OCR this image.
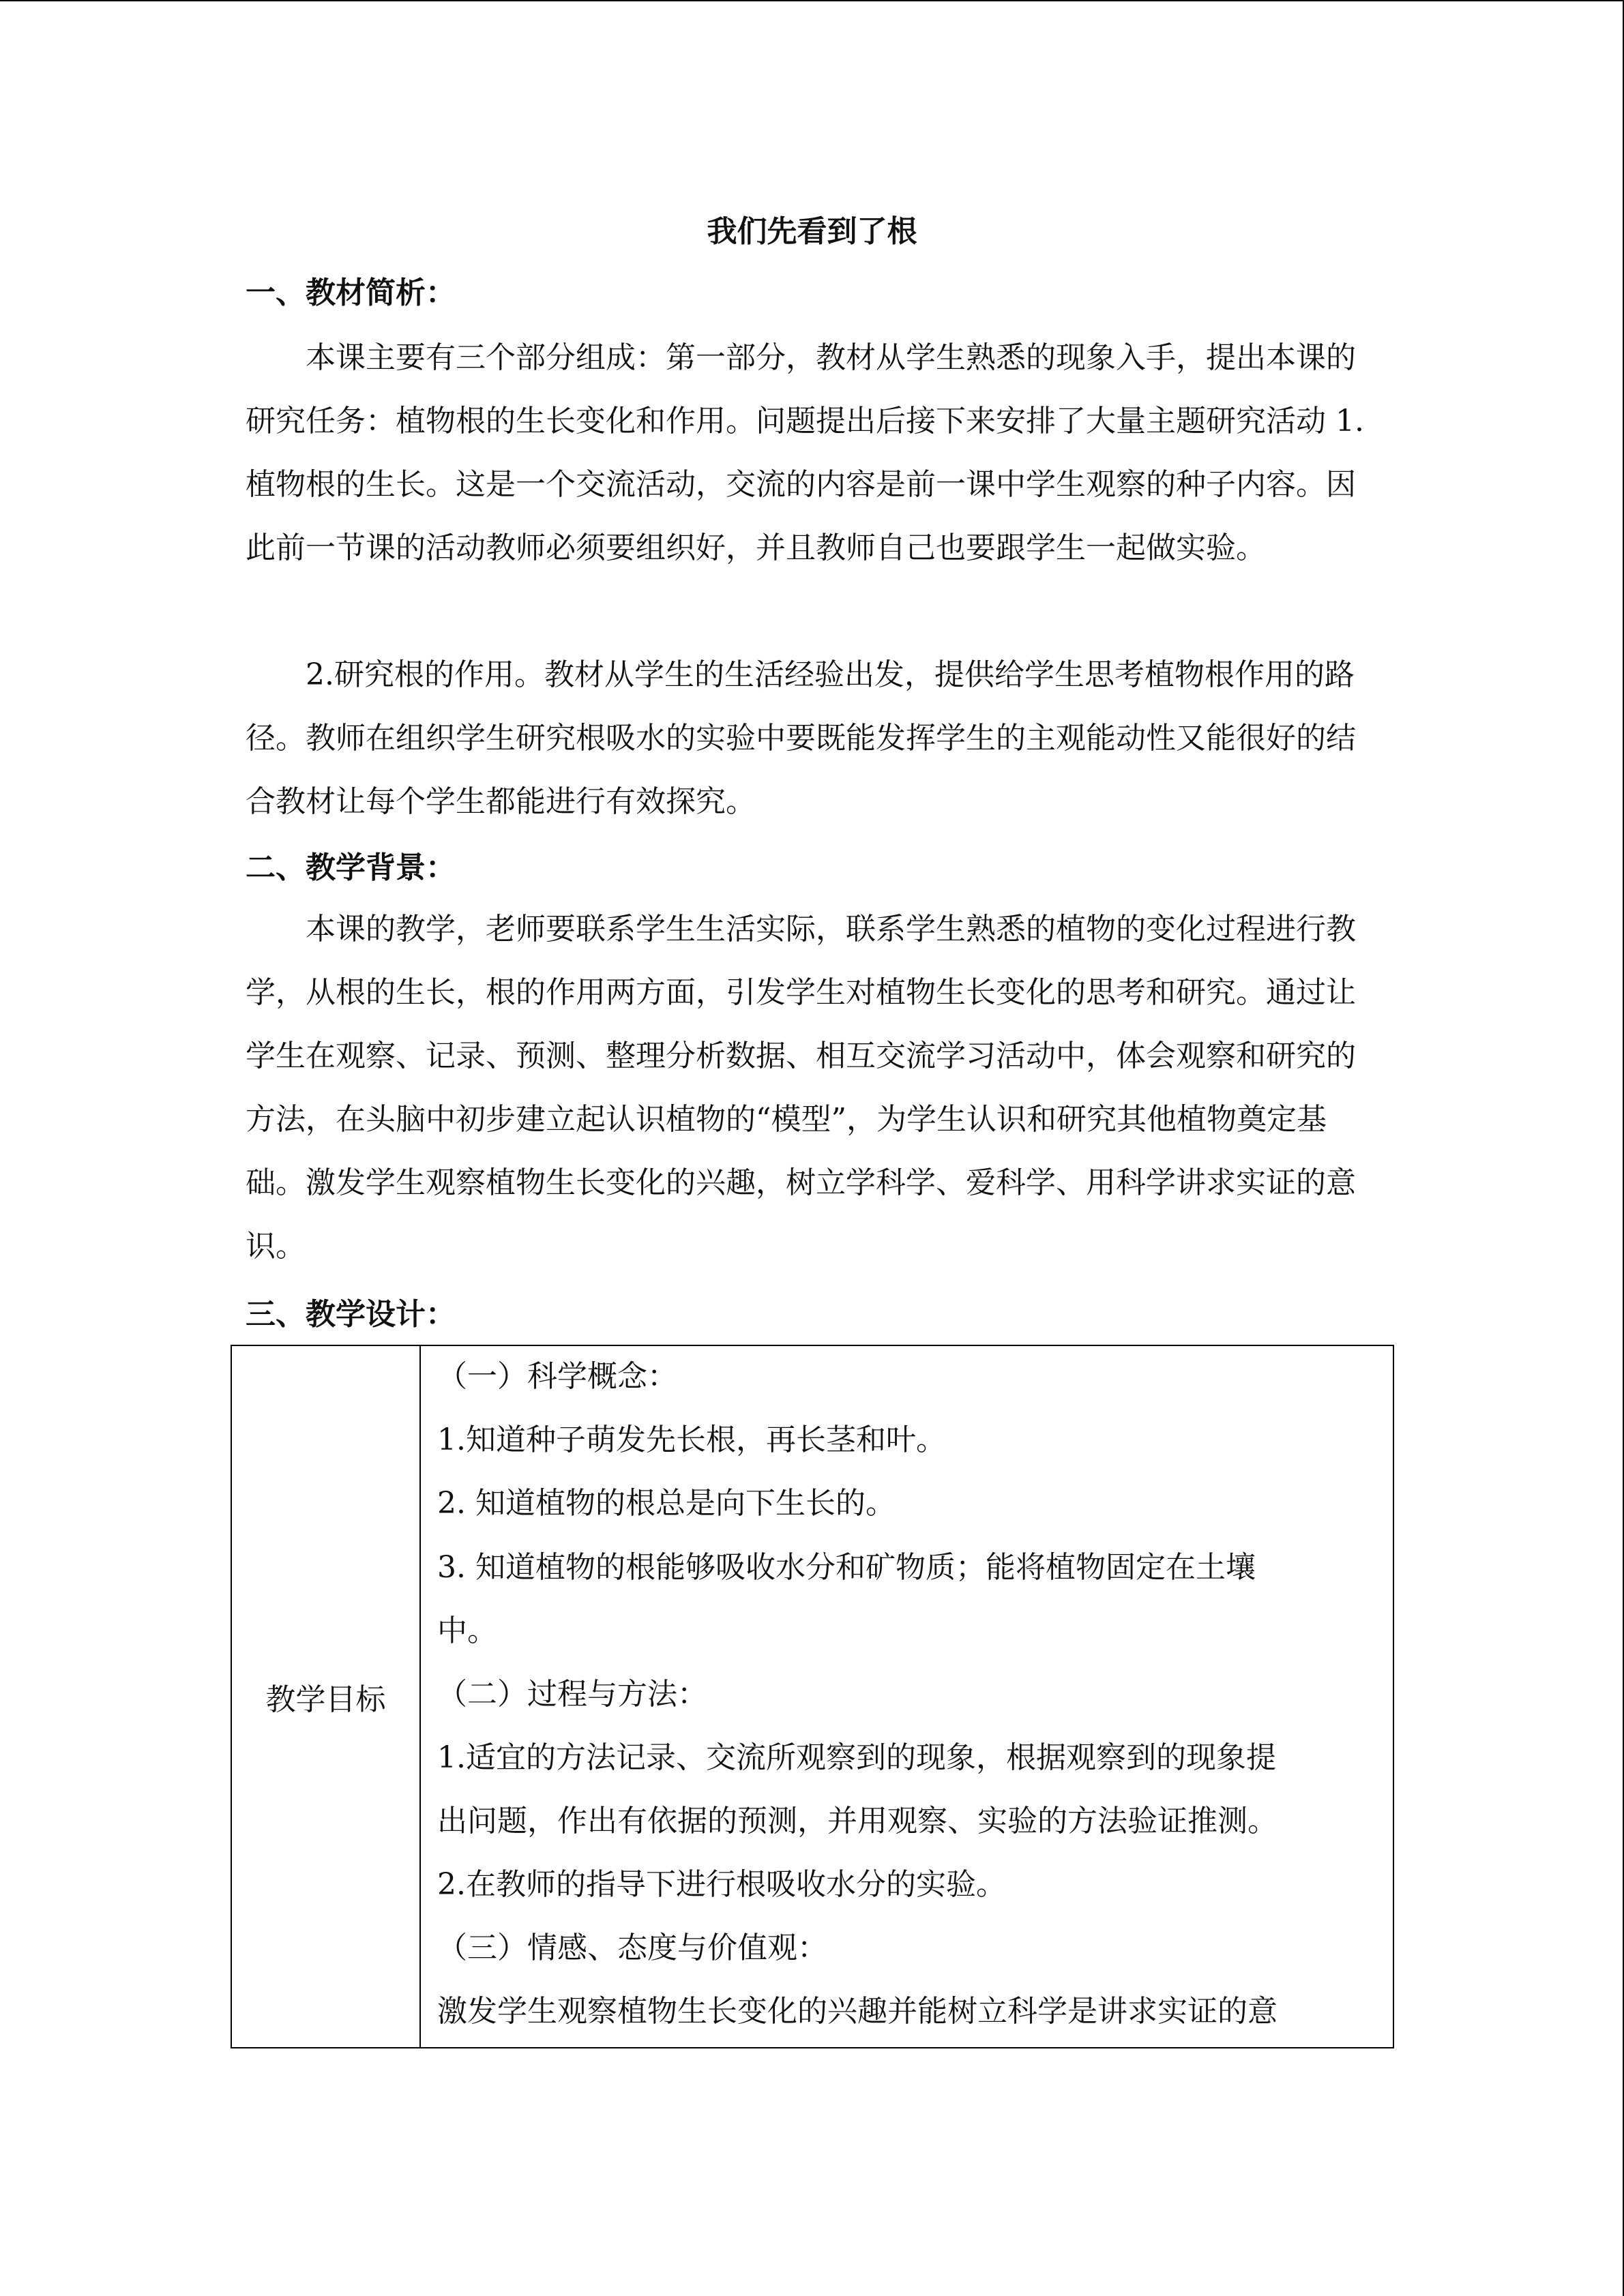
我们先看到了根
一、教材简析：

本课主要有三个部分组成：第一部分，教材从学生熟悉的现象入手，提出本课的研究任务：植物根的生长变化和作用。问题提出后接下来安排了大量主题研究活动 1.植物根的生长。这是一个交流活动，交流的内容是前一课中学生观察的种子内容。因此前一节课的活动教师必须要组织好，并且教师自己也要跟学生一起做实验。

2.研究根的作用。教材从学生的生活经验出发，提供给学生思考植物根作用的路径。教师在组织学生研究根吸水的实验中要既能发挥学生的主观能动性又能很好的结合教材让每个学生都能进行有效探究。

二、教学背景：

本课的教学，老师要联系学生生活实际，联系学生熟悉的植物的变化过程进行教学，从根的生长，根的作用两方面，引发学生对植物生长变化的思考和研究。通过让学生在观察、记录、预测、整理分析数据、相互交流学习活动中，体会观察和研究的方法，在头脑中初步建立起认识植物的“模型”，为学生认识和研究其他植物奠定基础。激发学生观察植物生长变化的兴趣，树立学科学、爱科学、用科学讲求实证的意识。

三、教学设计：
教学目标
（一）科学概念：
1.知道种子萌发先长根，再长茎和叶。
2. 知道植物的根总是向下生长的。
3. 知道植物的根能够吸收水分和矿物质；能将植物固定在土壤
中。
（二）过程与方法：
1.适宜的方法记录、交流所观察到的现象，根据观察到的现象提
出问题，作出有依据的预测，并用观察、实验的方法验证推测。
2.在教师的指导下进行根吸收水分的实验。
（三）情感、态度与价值观：
激发学生观察植物生长变化的兴趣并能树立科学是讲求实证的意
